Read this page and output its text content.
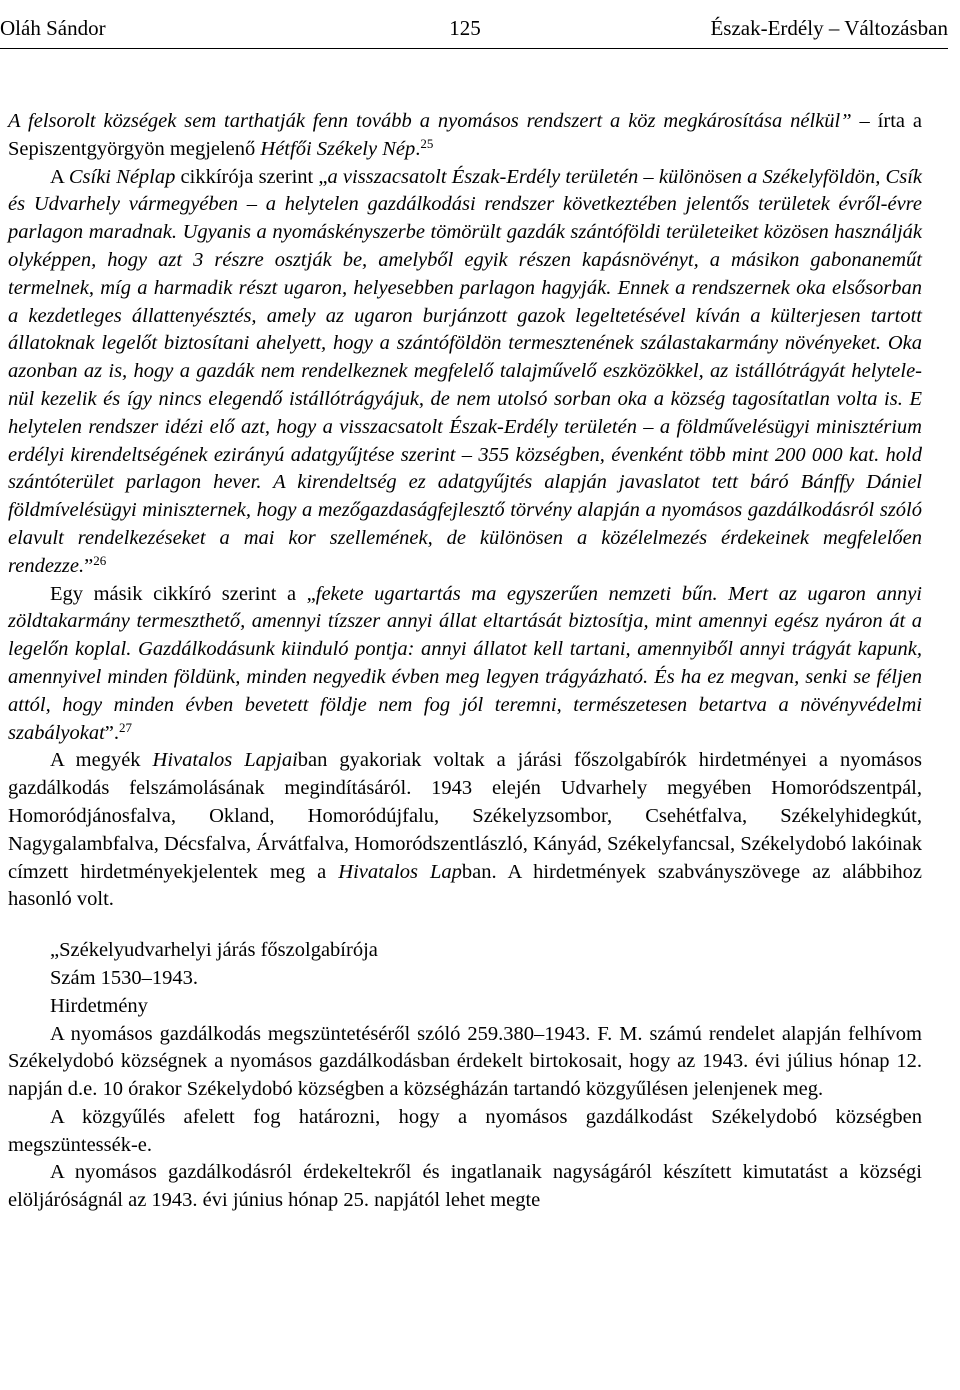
Oláh Sándor	125	Észak-Erdély – Változásban

A felsorolt községek sem tarthatják fenn tovább a nyomásos rendszert a köz megkárosítása nélkül” – írta a Sepiszentgyörgyön megjelenő Hétfői Székely Nép.$^{25}$

A Csíki Néplap cikkírója szerint „a visszacsatolt Észak-Erdély területén – különösen a Székelyföldön, Csík és Udvarhely vármegyében – a helytelen gazdálkodási rendszer következtében jelentős területek évről-évre parlagon maradnak. Ugyanis a nyomáskényszerbe tömörült gazdák szántóföldi területeiket közösen használják olyképpen, hogy azt 3 részre osztják be, amelyből egyik részen kapásnövényt, a másikon gabonaneműt termelnek, míg a harmadik részt ugaron, helyesebben parlagon hagyják. Ennek a rendszernek oka elsősorban a kezdetleges állattenyésztés, amely az ugaron burjánzott gazok legeltetésével kíván a külterjesen tartott állatoknak legelőt biztosítani ahelyett, hogy a szántóföldön termesztenének szálastakarmány növényeket. Oka azonban az is, hogy a gazdák nem rendelkeznek megfelelő talajművelő eszközökkel, az istállótrágyát helytelenül kezelik és így nincs elegendő istállótrágyájuk, de nem utolsó sorban oka a község tagosítatlan volta is. E helytelen rendszer idézi elő azt, hogy a visszacsatolt Észak-Erdély területén – a földművelésügyi minisztérium erdélyi kirendeltségének ezirányú adatgyűjtése szerint – 355 községben, évenként több mint 200 000 kat. hold szántóterület parlagon hever. A kirendeltség ez adatgyűjtés alapján javaslatot tett báró Bánffy Dániel földmívelésügyi miniszternek, hogy a mezőgazdaságfejlesztő törvény alapján a nyomásos gazdálkodásról szóló elavult rendelkezéseket a mai kor szellemének, de különösen a közélelmezés érdekeinek megfelelően rendezze.”$^{26}$

Egy másik cikkíró szerint a „fekete ugartartás ma egyszerűen nemzeti bűn. Mert az ugaron annyi zöldtakarmány termeszthető, amennyi tízszer annyi állat eltartását biztosítja, mint amennyi egész nyáron át a legelőn koplal. Gazdálkodásunk kiinduló pontja: annyi állatot kell tartani, amennyiből annyi trágyát kapunk, amennyivel minden földünk, minden negyedik évben meg legyen trágyázható. És ha ez megvan, senki se féljen attól, hogy minden évben bevetett földje nem fog jól teremni, természetesen betartva a növényvédelmi szabályokat”.$^{27}$

A megyék Hivatalos Lapjaiban gyakoriak voltak a járási főszolgabírók hirdetményei a nyomásos gazdálkodás felszámolásának megindításáról. 1943 elején Udvarhely megyében Homoródszentpál, Homoródjánosfalva, Okland, Homoródújfalu, Székelyzsombor, Csehétfalva, Székelyhidegkút, Nagygalambfalva, Décsfalva, Árvátfalva, Homoródszentlászló, Kányád, Székelyfancsal, Székelydobó lakóinak címzett hirdetményekjelentek meg a Hivatalos Lapban. A hirdetmények szabványszövege az alábbihoz hasonló volt.

„Székelyudvarhelyi járás főszolgabírója

Szám 1530–1943.

Hirdetmény

A nyomásos gazdálkodás megszüntetéséről szóló 259.380–1943. F. M. számú rendelet alapján felhívom Székelydobó községnek a nyomásos gazdálkodásban érdekelt birtokosait, hogy az 1943. évi július hónap 12. napján d.e. 10 órakor Székelydobó községben a községházán tartandó közgyűlésen jelenjenek meg.

A közgyűlés afelett fog határozni, hogy a nyomásos gazdálkodást Székelydobó községben megszüntessék-e.

A nyomásos gazdálkodásról érdekeltekről és ingatlanaik nagyságáról készített kimutatást a községi elöljáróságnál az 1943. évi június hónap 25. napjától lehet megte
